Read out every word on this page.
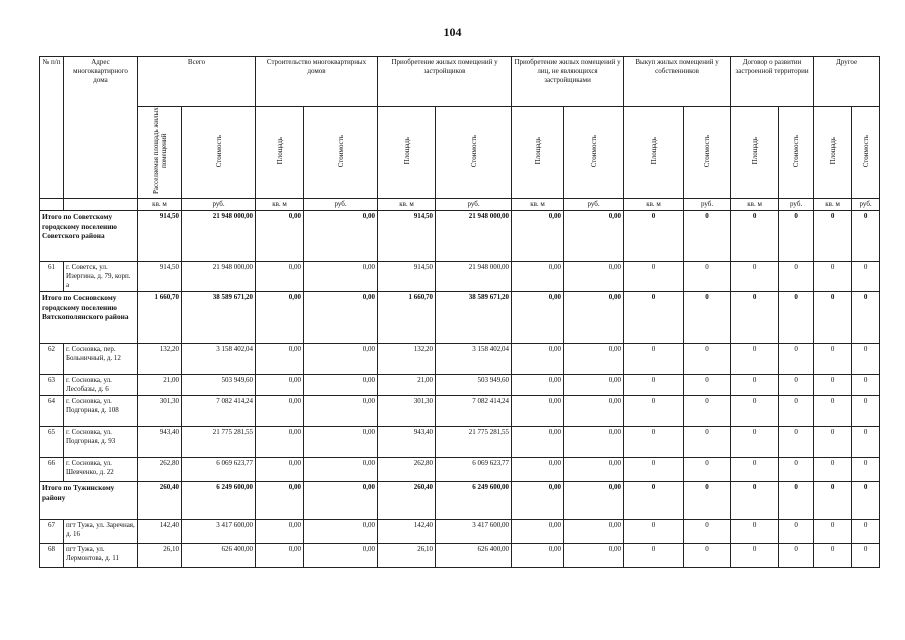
104
№ п/п	Адрес многоквартирного дома	Всего		Строительство многоквартирных домов		Приобретение жилых помещений у застройщиков		Приобретение жилых помещений у лиц, не являющихся застройщиками		Выкуп жилых помещений у собственников		Договор о развитии застроенной территории		Другое	
		Расселяемая площадь жилых помещений	Стоимость	Площадь	Стоимость	Площадь	Стоимость	Площадь	Стоимость	Площадь	Стоимость	Площадь	Стоимость	Площадь	Стоимость
		кв. м	руб.	кв. м	руб.	кв. м	руб.	кв. м	руб.	кв. м	руб.	кв. м	руб.	кв. м	руб.
Итого по Советскому городскому поселению Советского района		914,50	21 948 000,00	0,00	0,00	914,50	21 948 000,00	0,00	0,00	0	0	0	0	0	0
61	г. Советск, ул. Изергина, д. 79, корп. а	914,50	21 948 000,00	0,00	0,00	914,50	21 948 000,00	0,00	0,00	0	0	0	0	0	0
Итого по Сосновскому городскому поселению Вятскополянского района		1 660,70	38 589 671,20	0,00	0,00	1 660,70	38 589 671,20	0,00	0,00	0	0	0	0	0	0
62	г. Сосновка, пер. Больничный, д. 12	132,20	3 158 402,04	0,00	0,00	132,20	3 158 402,04	0,00	0,00	0	0	0	0	0	0
63	г. Сосновка, ул. Лесобазы, д. 6	21,00	503 949,60	0,00	0,00	21,00	503 949,60	0,00	0,00	0	0	0	0	0	0
64	г. Сосновка, ул. Подгорная, д. 108	301,30	7 082 414,24	0,00	0,00	301,30	7 082 414,24	0,00	0,00	0	0	0	0	0	0
65	г. Сосновка, ул. Подгорная, д. 93	943,40	21 775 281,55	0,00	0,00	943,40	21 775 281,55	0,00	0,00	0	0	0	0	0	0
66	г. Сосновка, ул. Шевченко, д. 22	262,80	6 069 623,77	0,00	0,00	262,80	6 069 623,77	0,00	0,00	0	0	0	0	0	0
Итого по Тужинскому району		260,40	6 249 600,00	0,00	0,00	260,40	6 249 600,00	0,00	0,00	0	0	0	0	0	0
67	пгт Тужа, ул. Заречная, д. 16	142,40	3 417 600,00	0,00	0,00	142,40	3 417 600,00	0,00	0,00	0	0	0	0	0	0
68	пгт Тужа, ул. Лермонтова, д. 11	26,10	626 400,00	0,00	0,00	26,10	626 400,00	0,00	0,00	0	0	0	0	0	0
